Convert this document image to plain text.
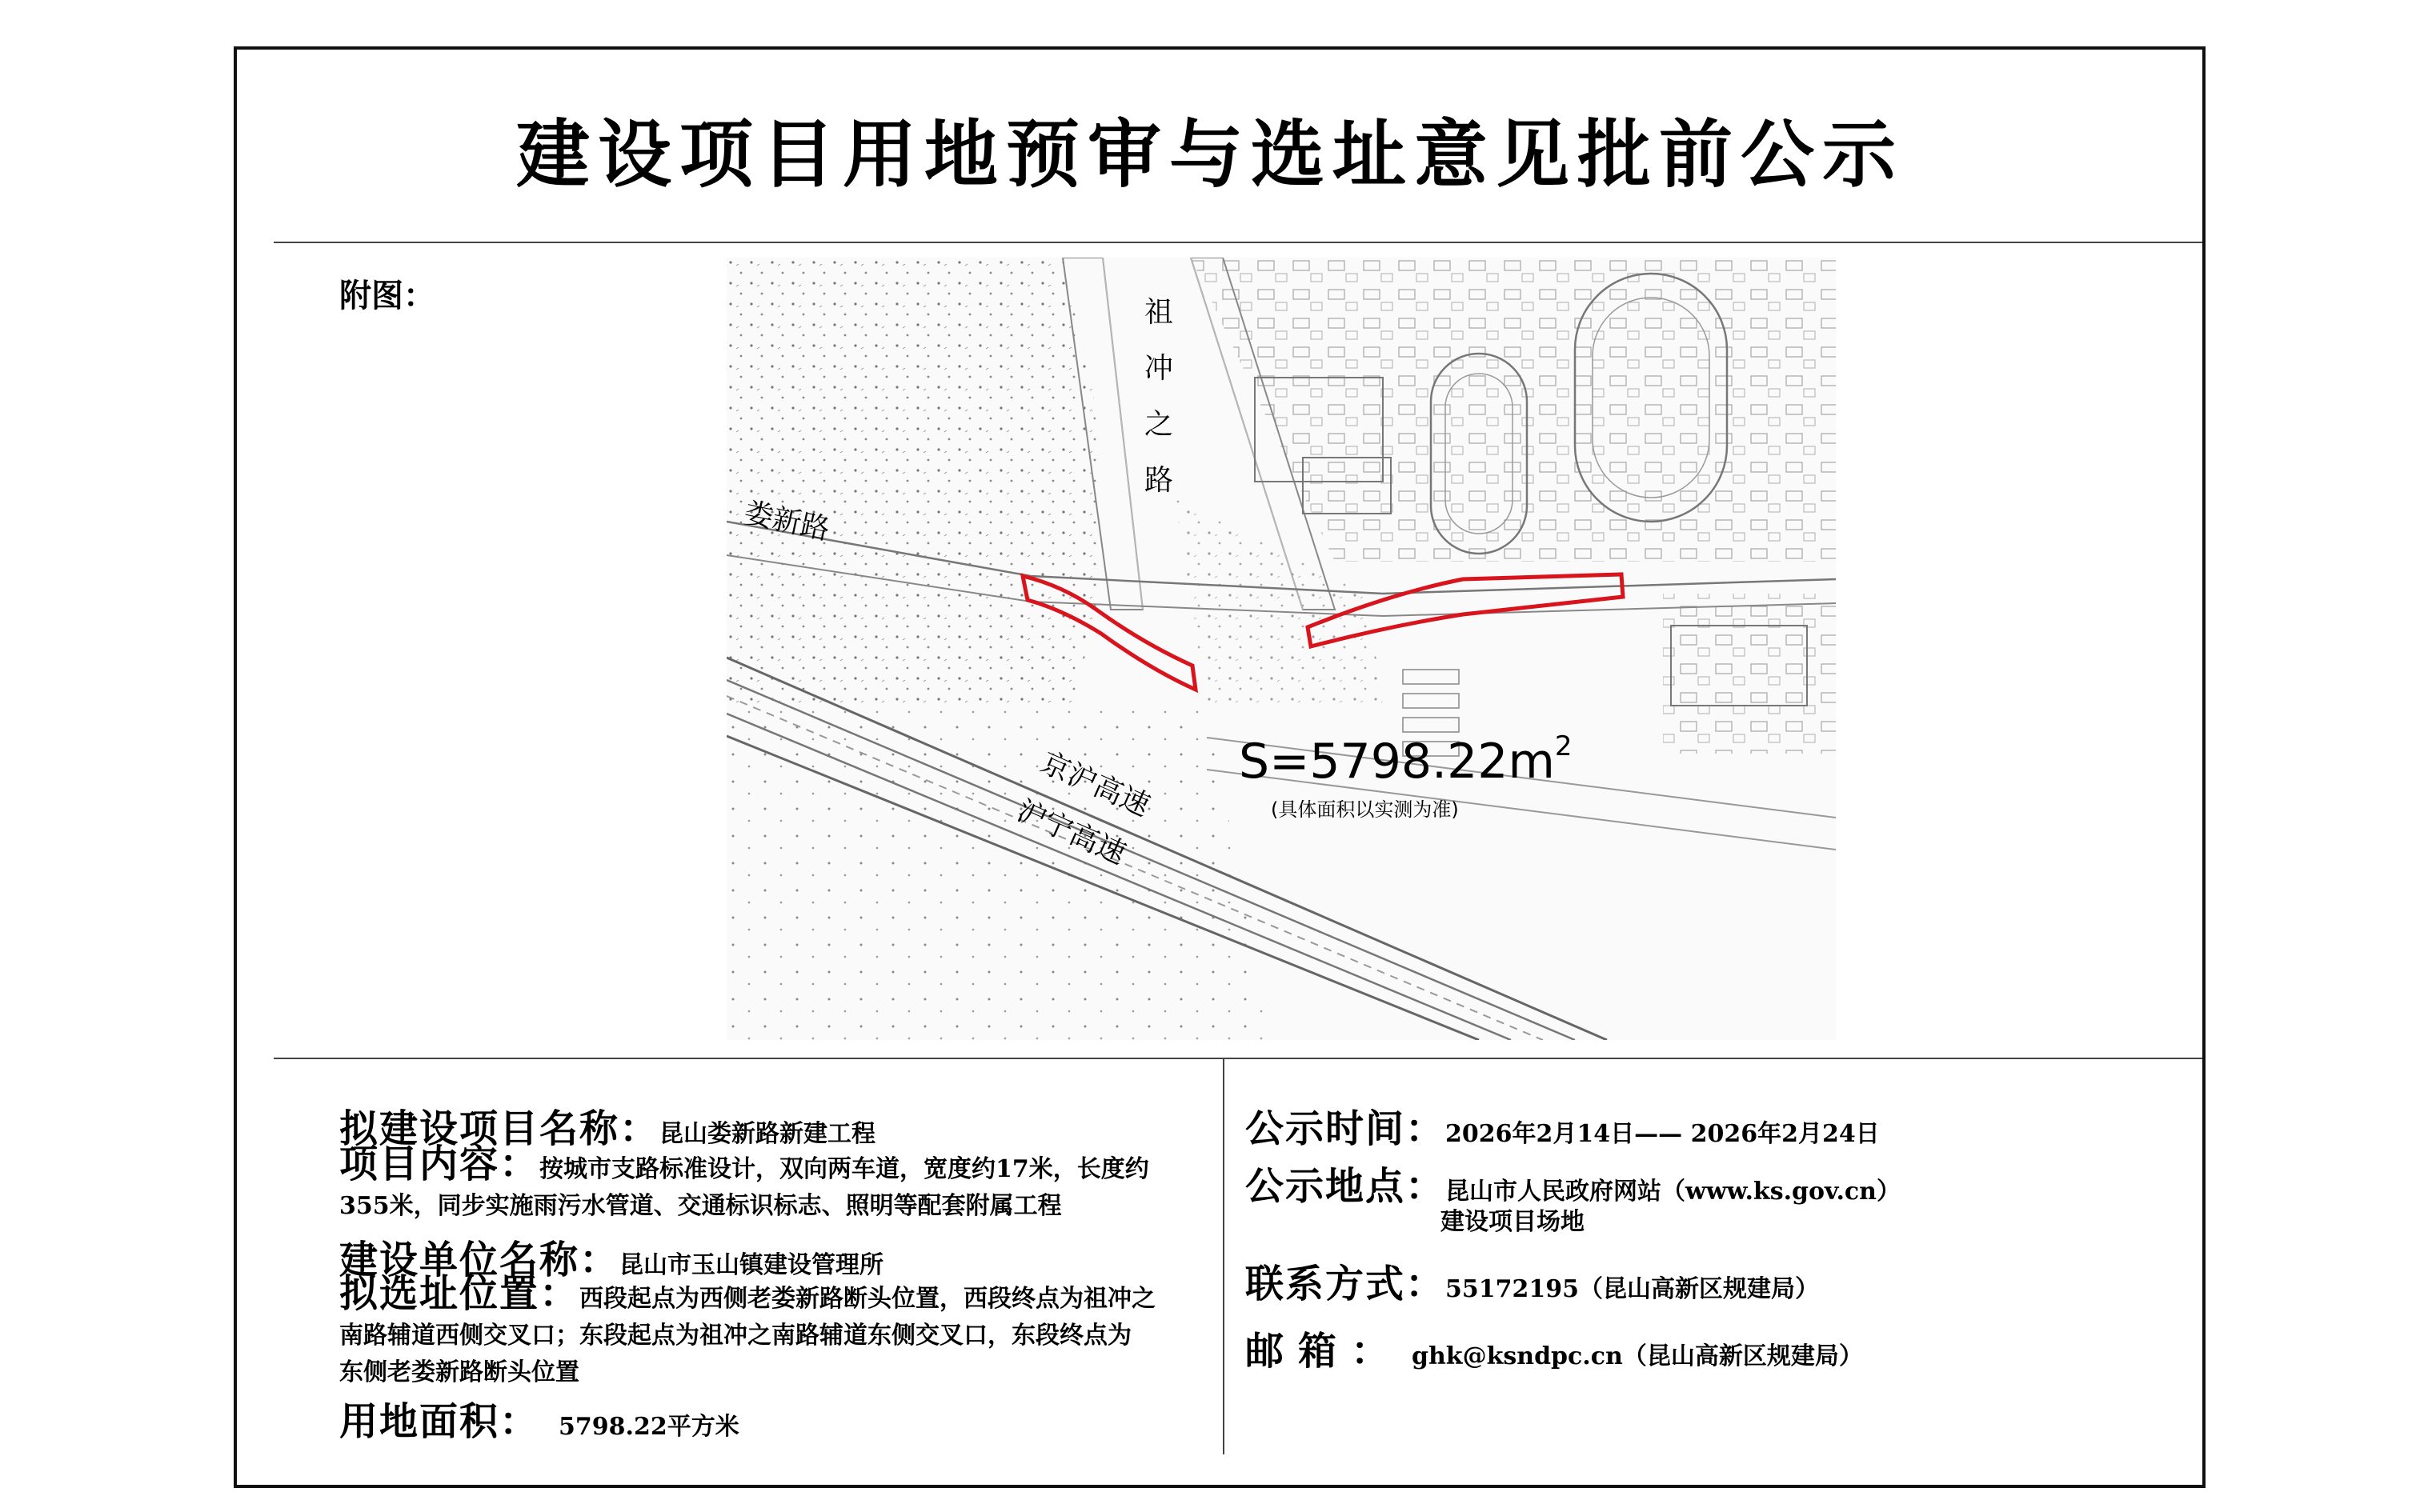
建设项目用地预审与选址意见批前公示
附图：	祖
冲
之
路
娄新路
京沪高速
沪宁高速
$S=5798.22m^2$
(具体面积以实测为准)
拟建设项目名称：昆山娄新路新建工程
项目内容：按城市支路标准设计，双向两车道，宽度约17米，长度约
355米，同步实施雨污水管道、交通标识标志、照明等配套附属工程
建设单位名称：昆山市玉山镇建设管理所
拟选址位置：西段起点为西侧老娄新路断头位置，西段终点为祖冲之
南路辅道西侧交叉口；东段起点为祖冲之南路辅道东侧交叉口，东段终点为
东侧老娄新路断头位置
用地面积： 5798.22平方米
公示时间：2026年2月14日—— 2026年2月24日
公示地点：昆山市人民政府网站（www.ks.gov.cn）
建设项目场地
联系方式：55172195（昆山高新区规建局）
邮箱： ghk@ksndpc.cn（昆山高新区规建局）
